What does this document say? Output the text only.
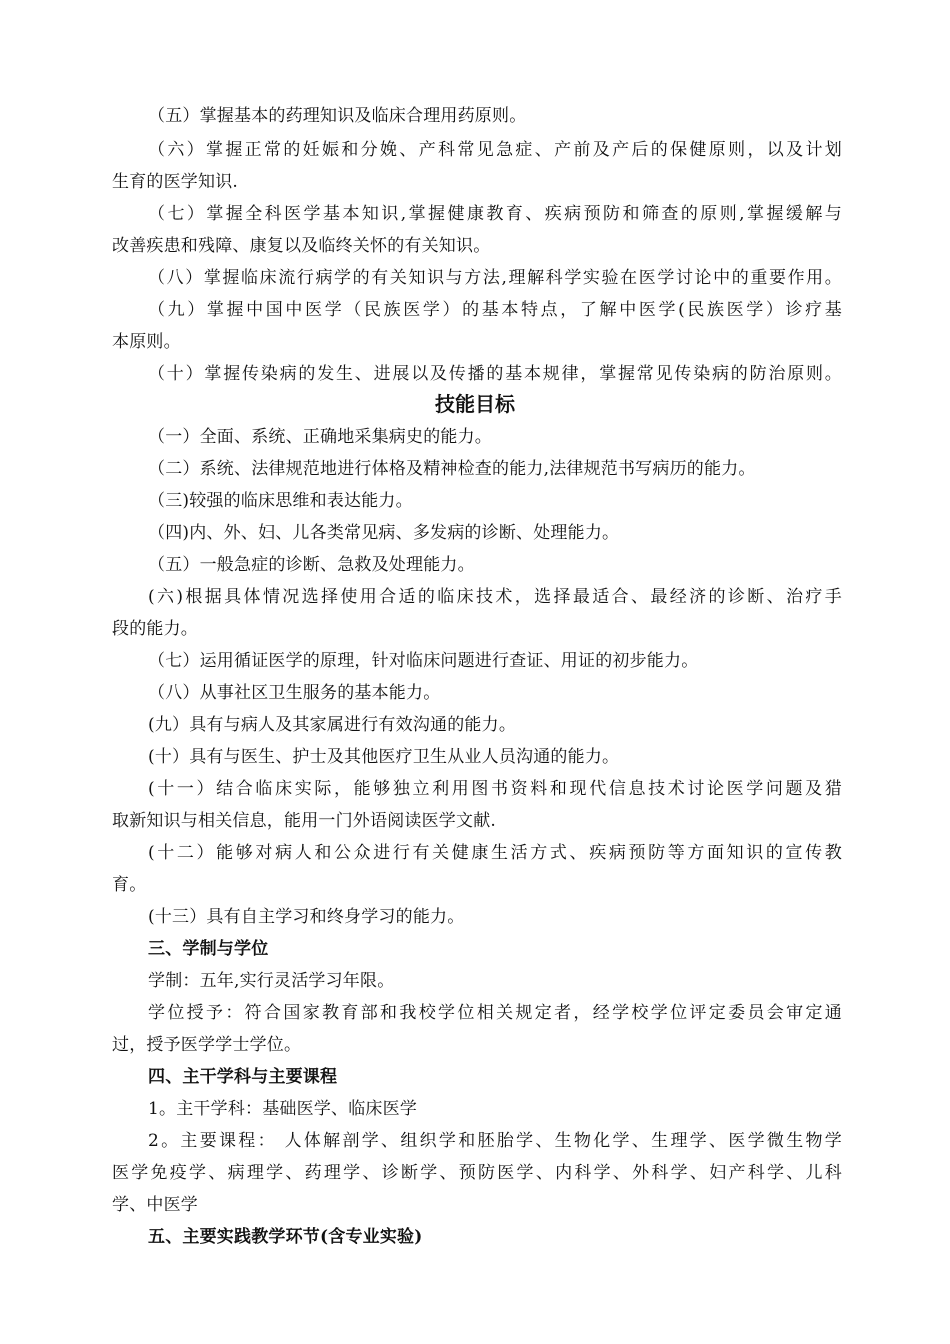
（五）掌握基本的药理知识及临床合理用药原则。
（六）掌握正常的妊娠和分娩、产科常见急症、产前及产后的保健原则，以及计划
生育的医学知识.
（七）掌握全科医学基本知识,掌握健康教育、疾病预防和筛查的原则,掌握缓解与
改善疾患和残障、康复以及临终关怀的有关知识。
（八）掌握临床流行病学的有关知识与方法,理解科学实验在医学讨论中的重要作用。
（九）掌握中国中医学（民族医学）的基本特点，了解中医学(民族医学）诊疗基
本原则。
（十）掌握传染病的发生、进展以及传播的基本规律，掌握常见传染病的防治原则。
技能目标
（一）全面、系统、正确地采集病史的能力。
（二）系统、法律规范地进行体格及精神检查的能力,法律规范书写病历的能力。
（三)较强的临床思维和表达能力。
（四)内、外、妇、儿各类常见病、多发病的诊断、处理能力。
（五）一般急症的诊断、急救及处理能力。
(六)根据具体情况选择使用合适的临床技术，选择最适合、最经济的诊断、治疗手
段的能力。
（七）运用循证医学的原理，针对临床问题进行查证、用证的初步能力。
（八）从事社区卫生服务的基本能力。
(九）具有与病人及其家属进行有效沟通的能力。
(十）具有与医生、护士及其他医疗卫生从业人员沟通的能力。
(十一）结合临床实际，能够独立利用图书资料和现代信息技术讨论医学问题及猎
取新知识与相关信息，能用一门外语阅读医学文献.
(十二）能够对病人和公众进行有关健康生活方式、疾病预防等方面知识的宣传教
育。
(十三）具有自主学习和终身学习的能力。
三、学制与学位
学制：五年,实行灵活学习年限。
学位授予：符合国家教育部和我校学位相关规定者，经学校学位评定委员会审定通
过，授予医学学士学位。
四、主干学科与主要课程
1。主干学科：基础医学、临床医学
2。主要课程： 人体解剖学、组织学和胚胎学、生物化学、生理学、医学微生物学
医学免疫学、病理学、药理学、诊断学、预防医学、内科学、外科学、妇产科学、儿科
学、中医学
五、主要实践教学环节(含专业实验)
